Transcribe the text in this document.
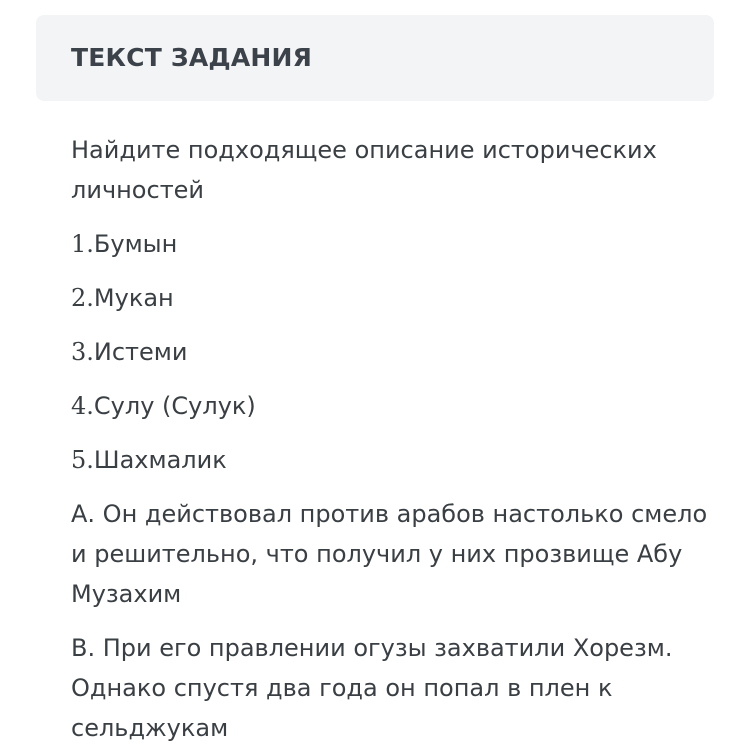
ТЕКСТ ЗАДАНИЯ

Найдите подходящее описание исторических личностей

1.Бумын
2.Мукан
3.Истеми
4.Сулу (Сулук)
5.Шахмалик

А. Он действовал против арабов настолько смело и решительно, что получил у них прозвище Абу Музахим

В. При его правлении огузы захватили Хорезм. Однако спустя два года он попал в плен к сельджукам
